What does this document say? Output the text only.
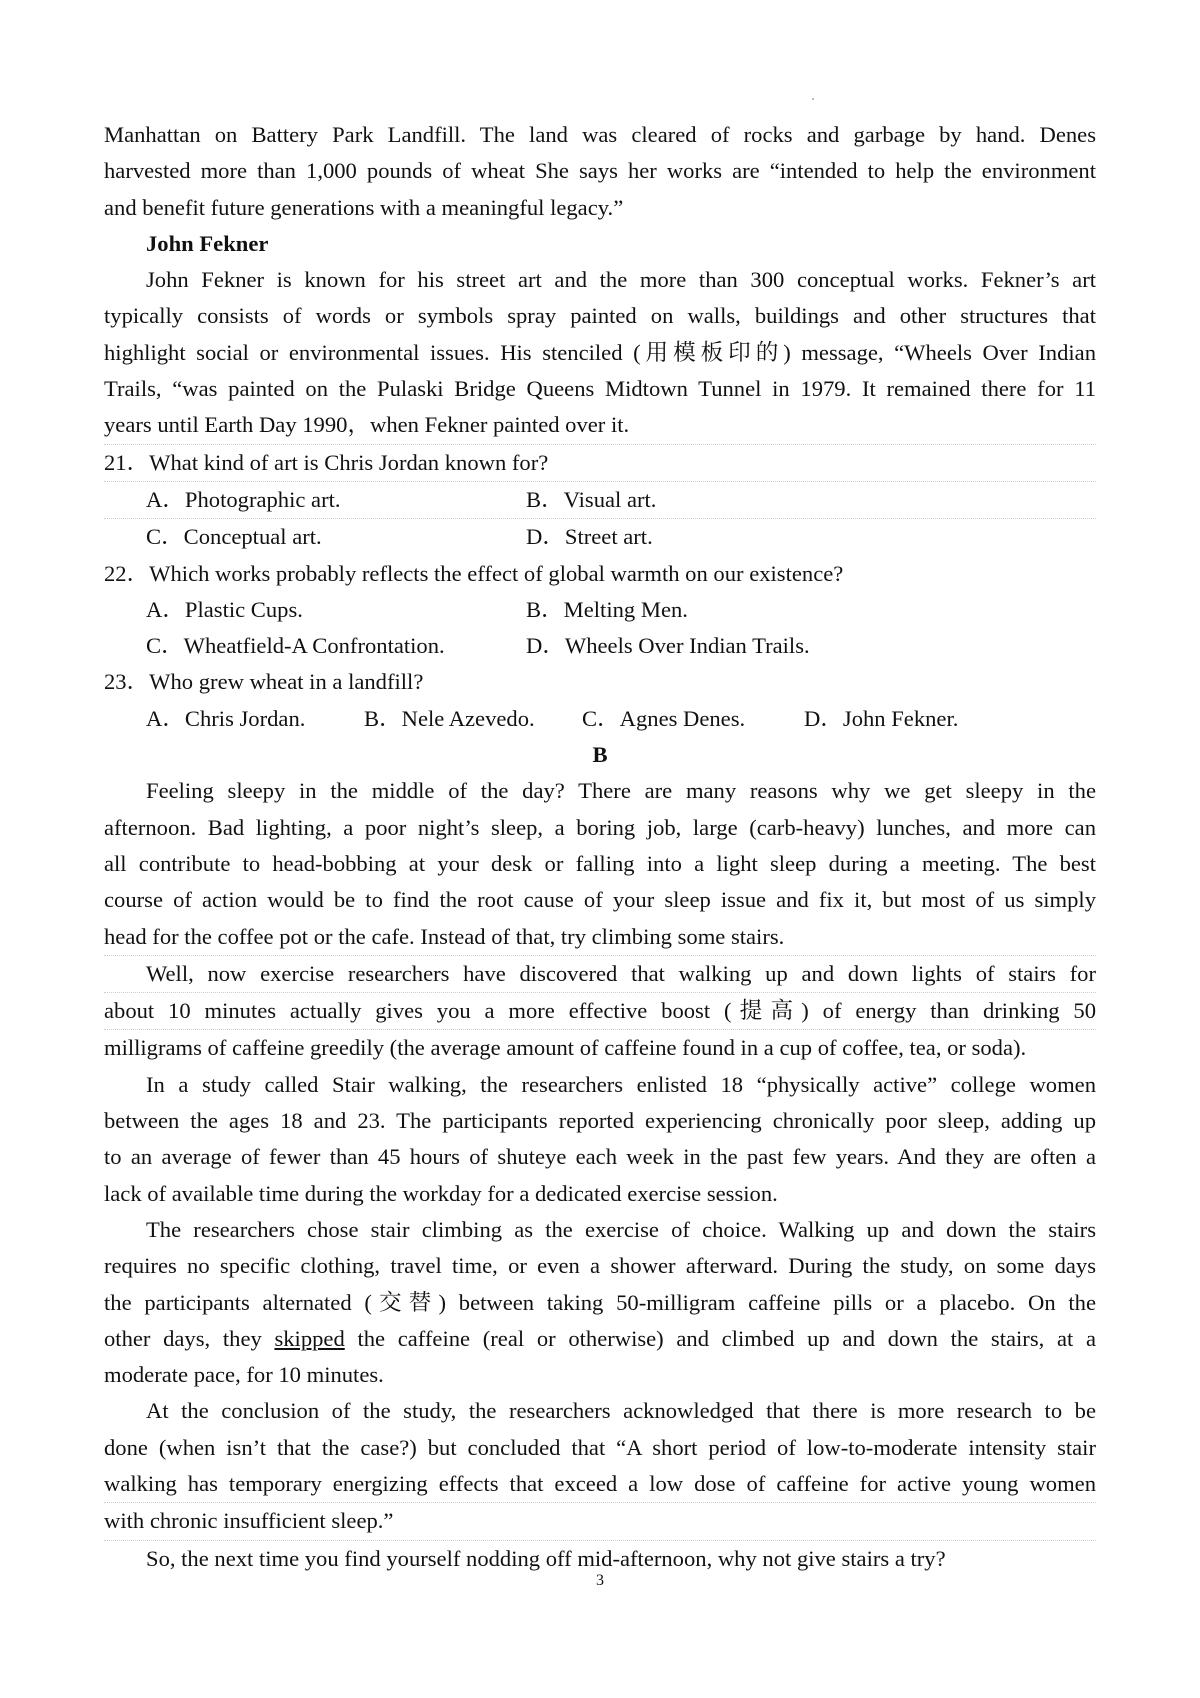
Manhattan on Battery Park Landfill. The land was cleared of rocks and garbage by hand. Denes
harvested more than 1,000 pounds of wheat She says her works are “intended to help the environment
and benefit future generations with a meaningful legacy.”
John Fekner
John Fekner is known for his street art and the more than 300 conceptual works. Fekner’s art
typically consists of words or symbols spray painted on walls, buildings and other structures that
highlight social or environmental issues. His stenciled (用模板印的) message, “Wheels Over Indian
Trails, “was painted on the Pulaski Bridge Queens Midtown Tunnel in 1979. It remained there for 11
years until Earth Day 1990，when Fekner painted over it.
21．What kind of art is Chris Jordan known for?
A．Photographic art.	B．Visual art.
C．Conceptual art.	D．Street art.
22．Which works probably reflects the effect of global warmth on our existence?
A．Plastic Cups.	B．Melting Men.
C．Wheatfield-A Confrontation.	D．Wheels Over Indian Trails.
23．Who grew wheat in a landfill?
A．Chris Jordan.	B．Nele Azevedo. C．Agnes Denes.	D．John Fekner.
B
Feeling sleepy in the middle of the day? There are many reasons why we get sleepy in the
afternoon. Bad lighting, a poor night’s sleep, a boring job, large (carb-heavy) lunches, and more can
all contribute to head-bobbing at your desk or falling into a light sleep during a meeting. The best
course of action would be to find the root cause of your sleep issue and fix it, but most of us simply
head for the coffee pot or the cafe. Instead of that, try climbing some stairs.
Well, now exercise researchers have discovered that walking up and down lights of stairs for
about 10 minutes actually gives you a more effective boost (提高) of energy than drinking 50
milligrams of caffeine greedily (the average amount of caffeine found in a cup of coffee, tea, or soda).
In a study called Stair walking, the researchers enlisted 18 “physically active” college women
between the ages 18 and 23. The participants reported experiencing chronically poor sleep, adding up
to an average of fewer than 45 hours of shuteye each week in the past few years. And they are often a
lack of available time during the workday for a dedicated exercise session.
The researchers chose stair climbing as the exercise of choice. Walking up and down the stairs
requires no specific clothing, travel time, or even a shower afterward. During the study, on some days
the participants alternated (交替) between taking 50-milligram caffeine pills or a placebo. On the
other days, they skipped the caffeine (real or otherwise) and climbed up and down the stairs, at a
moderate pace, for 10 minutes.
At the conclusion of the study, the researchers acknowledged that there is more research to be
done (when isn’t that the case?) but concluded that “A short period of low-to-moderate intensity stair
walking has temporary energizing effects that exceed a low dose of caffeine for active young women
with chronic insufficient sleep.”
So, the next time you find yourself nodding off mid-afternoon, why not give stairs a try?
3
